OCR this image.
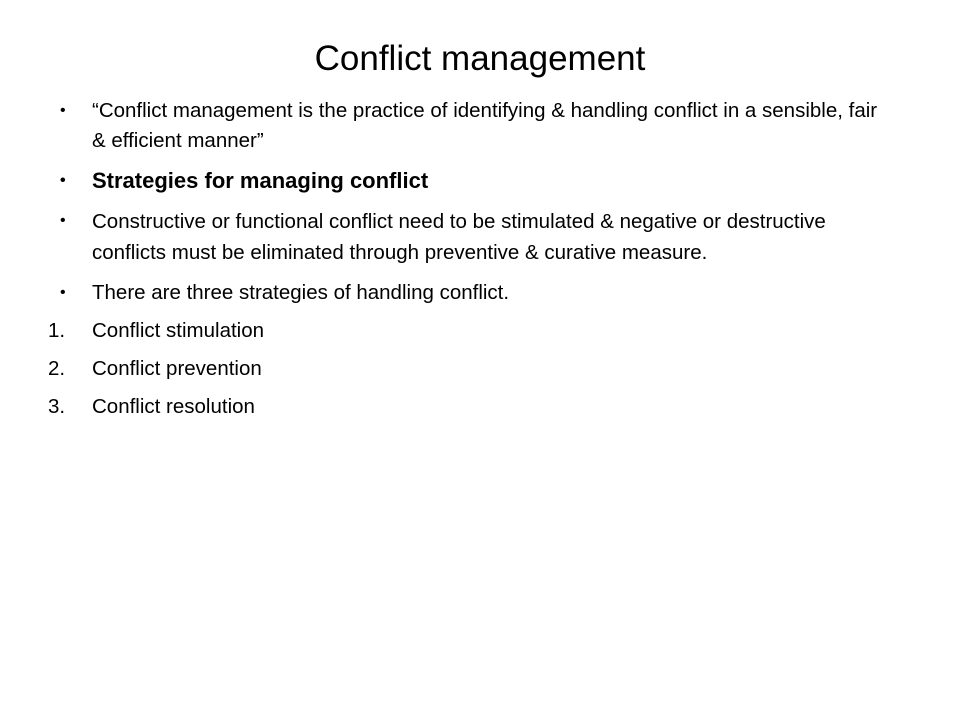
Conflict management
• “Conflict management is the practice of identifying & handling conflict in a sensible, fair & efficient manner”
• Strategies for managing conflict
• Constructive or functional conflict need to be stimulated & negative or destructive conflicts must be eliminated through preventive & curative measure.
• There are three strategies of handling conflict.
1.	Conflict stimulation
2.	Conflict prevention
3.	Conflict resolution
